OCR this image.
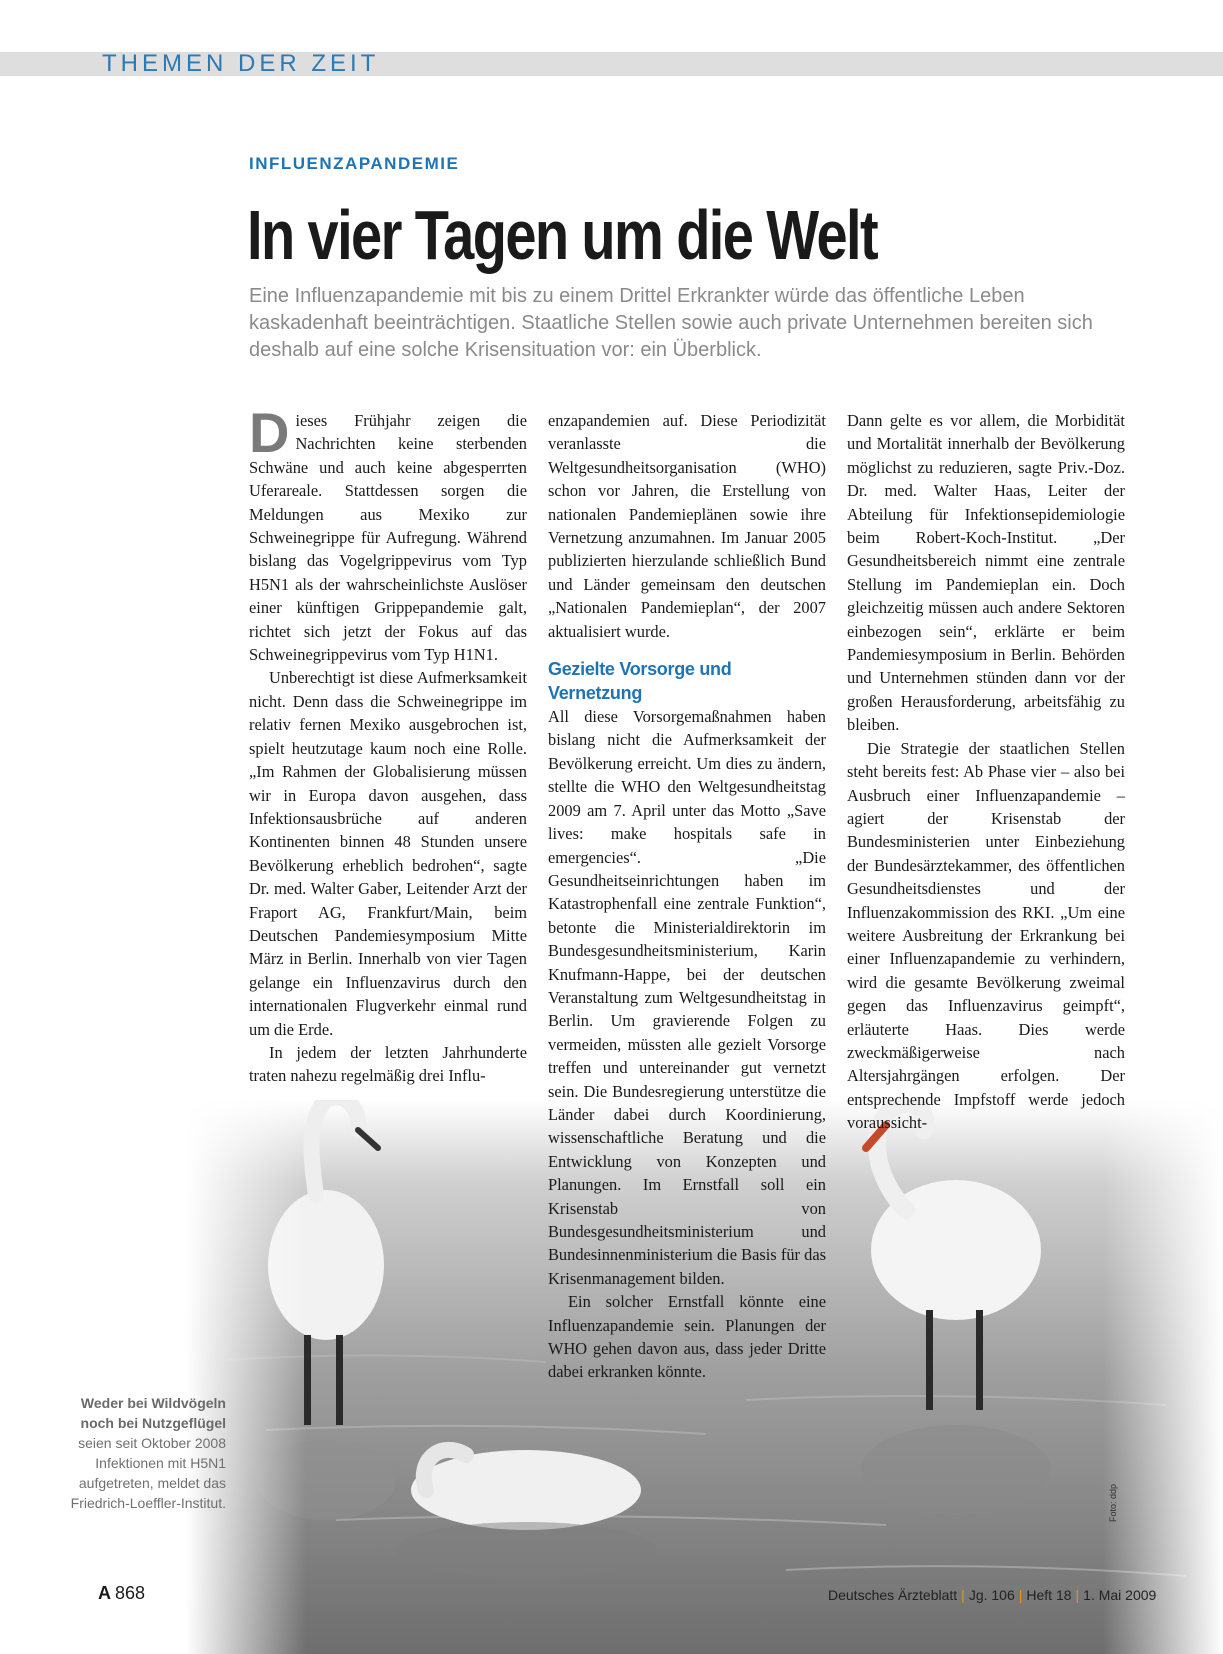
THEMEN DER ZEIT

INFLUENZAPANDEMIE

In vier Tagen um die Welt

Eine Influenzapandemie mit bis zu einem Drittel Erkrankter würde das öffentliche Leben kaskadenhaft beeinträchtigen. Staatliche Stellen sowie auch private Unternehmen bereiten sich deshalb auf eine solche Krisensituation vor: ein Überblick.

Dieses Frühjahr zeigen die Nachrichten keine sterbenden Schwäne und auch keine abgesperrten Uferareale. Stattdessen sorgen die Meldungen aus Mexiko zur Schweinegrippe für Aufregung. Während bislang das Vogelgrippevirus vom Typ H5N1 als der wahrscheinlichste Auslöser einer künftigen Grippepandemie galt, richtet sich jetzt der Fokus auf das Schweinegrippevirus vom Typ H1N1.

Unberechtigt ist diese Aufmerksamkeit nicht. Denn dass die Schweinegrippe im relativ fernen Mexiko ausgebrochen ist, spielt heutzutage kaum noch eine Rolle. „Im Rahmen der Globalisierung müssen wir in Europa davon ausgehen, dass Infektionsausbrüche auf anderen Kontinenten binnen 48 Stunden unsere Bevölkerung erheblich bedrohen“, sagte Dr. med. Walter Gaber, Leitender Arzt der Fraport AG, Frankfurt/Main, beim Deutschen Pandemiesymposium Mitte März in Berlin. Innerhalb von vier Tagen gelange ein Influenzavirus durch den internationalen Flugverkehr einmal rund um die Erde.

In jedem der letzten Jahrhunderte traten nahezu regelmäßig drei Influ-

enzapandemien auf. Diese Periodizität veranlasste die Weltgesundheitsorganisation (WHO) schon vor Jahren, die Erstellung von nationalen Pandemieplänen sowie ihre Vernetzung anzumahnen. Im Januar 2005 publizierten hierzulande schließlich Bund und Länder gemeinsam den deutschen „Nationalen Pandemieplan“, der 2007 aktualisiert wurde.

Gezielte Vorsorge und Vernetzung

All diese Vorsorgemaßnahmen haben bislang nicht die Aufmerksamkeit der Bevölkerung erreicht. Um dies zu ändern, stellte die WHO den Weltgesundheitstag 2009 am 7. April unter das Motto „Save lives: make hospitals safe in emergencies“. „Die Gesundheitseinrichtungen haben im Katastrophenfall eine zentrale Funktion“, betonte die Ministerialdirektorin im Bundesgesundheitsministerium, Karin Knufmann-Happe, bei der deutschen Veranstaltung zum Weltgesundheitstag in Berlin. Um gravierende Folgen zu vermeiden, müssten alle gezielt Vorsorge treffen und untereinander gut vernetzt sein. Die Bundesregierung unterstütze die Länder dabei durch Koordinierung, wissenschaftliche Beratung und die Entwicklung von Konzepten und Planungen. Im Ernstfall soll ein Krisenstab von Bundesgesundheitsministerium und Bundesinnenministerium die Basis für das Krisenmanagement bilden.

Ein solcher Ernstfall könnte eine Influenzapandemie sein. Planungen der WHO gehen davon aus, dass jeder Dritte dabei erkranken könnte.

Dann gelte es vor allem, die Morbidität und Mortalität innerhalb der Bevölkerung möglichst zu reduzieren, sagte Priv.-Doz. Dr. med. Walter Haas, Leiter der Abteilung für Infektionsepidemiologie beim Robert-Koch-Institut. „Der Gesundheitsbereich nimmt eine zentrale Stellung im Pandemieplan ein. Doch gleichzeitig müssen auch andere Sektoren einbezogen sein“, erklärte er beim Pandemiesymposium in Berlin. Behörden und Unternehmen stünden dann vor der großen Herausforderung, arbeitsfähig zu bleiben.

Die Strategie der staatlichen Stellen steht bereits fest: Ab Phase vier – also bei Ausbruch einer Influenzapandemie – agiert der Krisenstab der Bundesministerien unter Einbeziehung der Bundesärztekammer, des öffentlichen Gesundheitsdienstes und der Influenzakommission des RKI. „Um eine weitere Ausbreitung der Erkrankung bei einer Influenzapandemie zu verhindern, wird die gesamte Bevölkerung zweimal gegen das Influenzavirus geimpft“, erläuterte Haas. Dies werde zweckmäßigerweise nach Altersjahrgängen erfolgen. Der entsprechende Impfstoff werde jedoch voraussicht-

Weder bei Wildvögeln noch bei Nutzgeflügel seien seit Oktober 2008 Infektionen mit H5N1 aufgetreten, meldet das Friedrich-Loeffler-Institut.	Foto: ddp

A 868	Deutsches Ärzteblatt | Jg. 106 | Heft 18 | 1. Mai 2009
